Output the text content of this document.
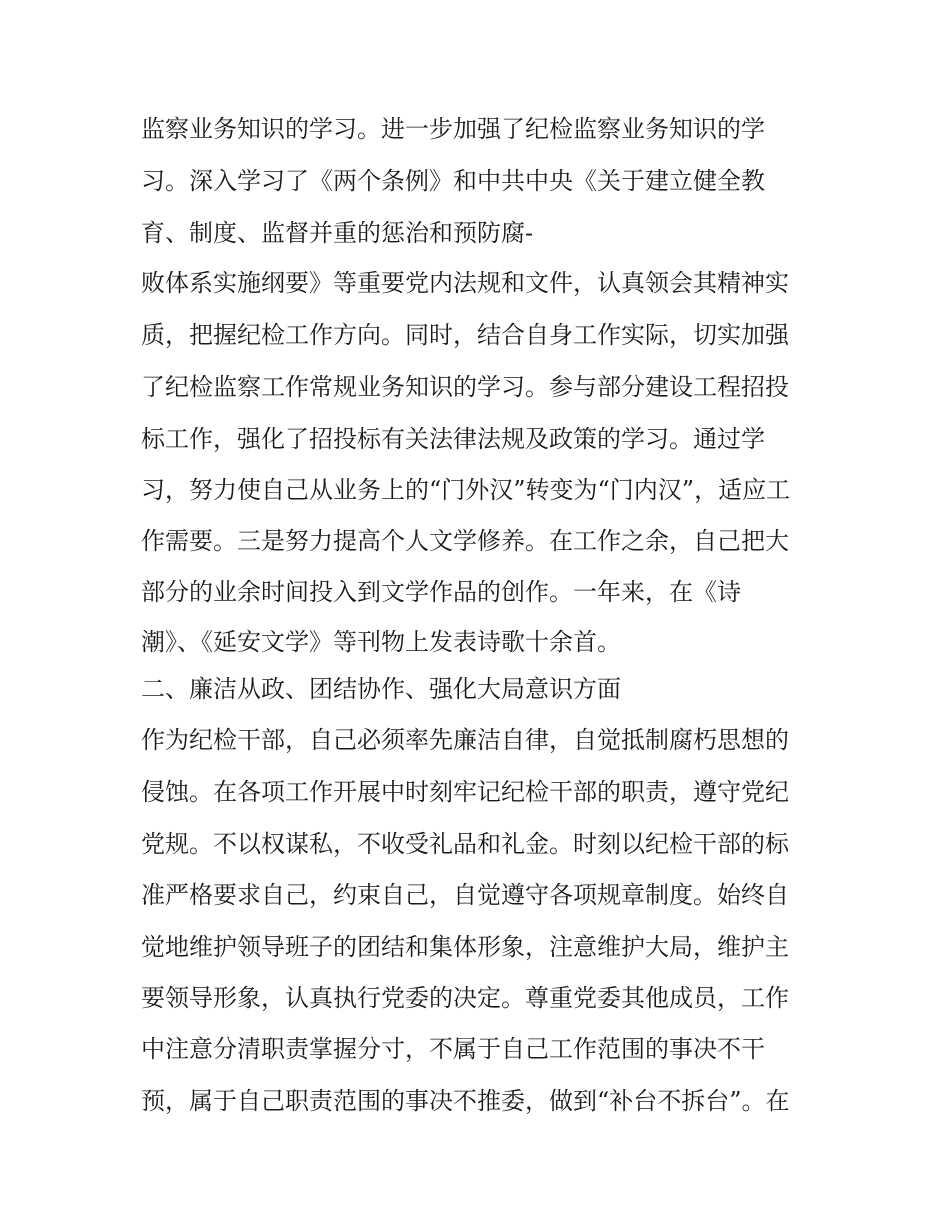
监察业务知识的学习。进一步加强了纪检监察业务知识的学
习。深入学习了《两个条例》和中共中央《关于建立健全教
育、制度、监督并重的惩治和预防腐-
败体系实施纲要》等重要党内法规和文件，认真领会其精神实
质，把握纪检工作方向。同时，结合自身工作实际，切实加强
了纪检监察工作常规业务知识的学习。参与部分建设工程招投
标工作，强化了招投标有关法律法规及政策的学习。通过学
习，努力使自己从业务上的“门外汉”转变为“门内汉”，适应工
作需要。三是努力提高个人文学修养。在工作之余，自己把大
部分的业余时间投入到文学作品的创作。一年来，在《诗
潮》、《延安文学》等刊物上发表诗歌十余首。
二、廉洁从政、团结协作、强化大局意识方面
作为纪检干部，自己必须率先廉洁自律，自觉抵制腐朽思想的
侵蚀。在各项工作开展中时刻牢记纪检干部的职责，遵守党纪
党规。不以权谋私，不收受礼品和礼金。时刻以纪检干部的标
准严格要求自己，约束自己，自觉遵守各项规章制度。始终自
觉地维护领导班子的团结和集体形象，注意维护大局，维护主
要领导形象，认真执行党委的决定。尊重党委其他成员，工作
中注意分清职责掌握分寸，不属于自己工作范围的事决不干
预，属于自己职责范围的事决不推委，做到“补台不拆台”。在
